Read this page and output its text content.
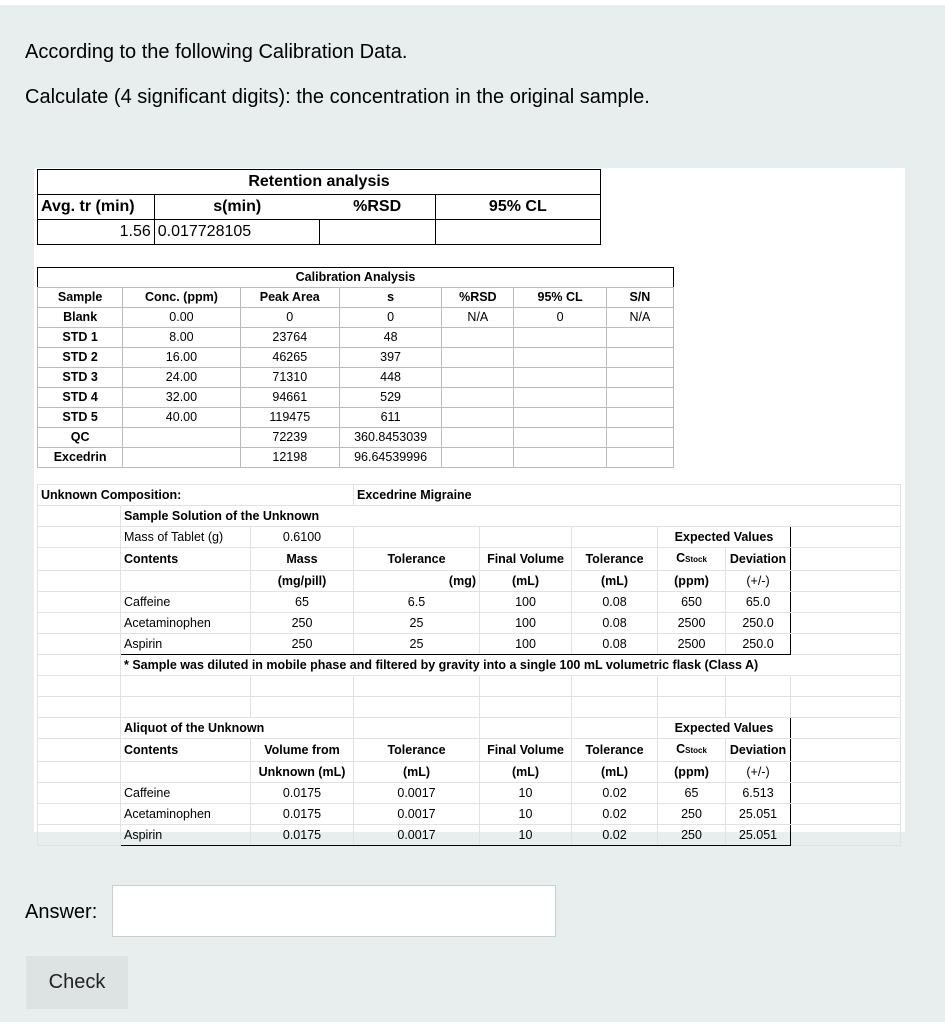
According to the following Calibration Data.
Calculate (4 significant digits): the concentration in the original sample.
Retention analysis			
Avg. tr (min)	s(min)	%RSD	95% CL
1.56	0.017728105		
Calibration Analysis						
Sample	Conc. (ppm)	Peak Area	s	%RSD	95% CL	S/N
Blank	0.00	0	0	N/A	0	N/A
STD 1	8.00	23764	48			
STD 2	16.00	46265	397			
STD 3	24.00	71310	448			
STD 4	32.00	94661	529			
STD 5	40.00	119475	611			
QC		72239	360.8453039			
Excedrin		12198	96.64539996			
Unknown Composition:			Excedrine Migraine					
	Sample Solution of the Unknown							
	Mass of Tablet (g)	0.6100				Expected Values		
	Contents	Mass	Tolerance	Final Volume	Tolerance	CStock	Deviation	
		(mg/pill)	(mg)	(mL)	(mL)	(ppm)	(+/-)	
	Caffeine	65	6.5	100	0.08	650	65.0	
	Acetaminophen	250	25	100	0.08	2500	250.0	
	Aspirin	250	25	100	0.08	2500	250.0	
	* Sample was diluted in mobile phase and filtered by gravity into a single 100 mL volumetric flask (Class A)							

	Aliquot of the Unknown					Expected Values		
	Contents	Volume from	Tolerance	Final Volume	Tolerance	CStock	Deviation	
		Unknown (mL)	(mL)	(mL)	(mL)	(ppm)	(+/-)	
	Caffeine	0.0175	0.0017	10	0.02	65	6.513	
	Acetaminophen	0.0175	0.0017	10	0.02	250	25.051	
	Aspirin	0.0175	0.0017	10	0.02	250	25.051	
Answer:
Check
